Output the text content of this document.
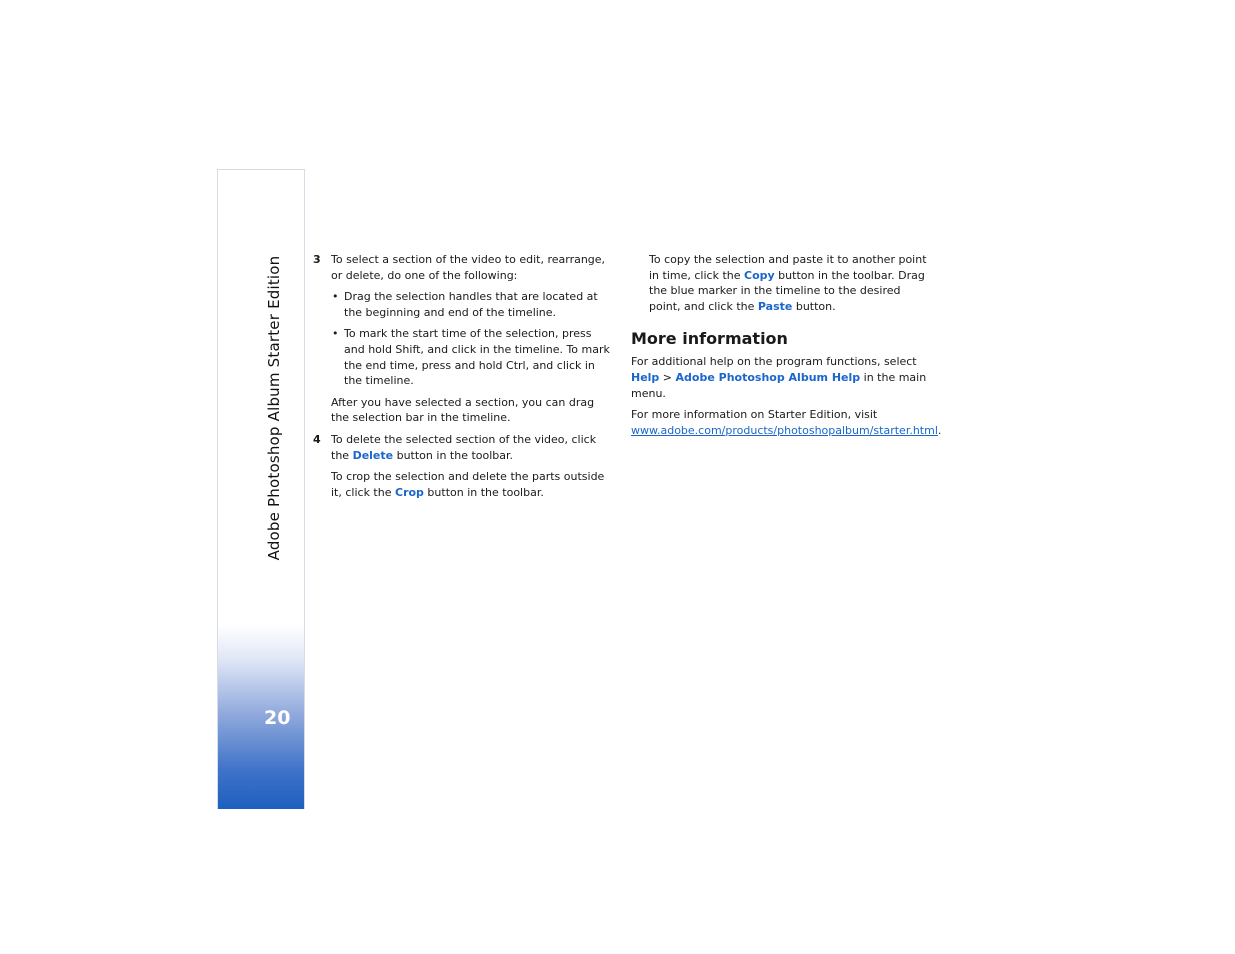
Adobe Photoshop Album Starter Edition
20

3 To select a section of the video to edit, rearrange, or delete, do one of the following:

• Drag the selection handles that are located at the beginning and end of the timeline.

• To mark the start time of the selection, press and hold Shift, and click in the timeline. To mark the end time, press and hold Ctrl, and click in the timeline.

After you have selected a section, you can drag the selection bar in the timeline.

4 To delete the selected section of the video, click the Delete button in the toolbar.

To crop the selection and delete the parts outside it, click the Crop button in the toolbar.

To copy the selection and paste it to another point in time, click the Copy button in the toolbar. Drag the blue marker in the timeline to the desired point, and click the Paste button.

More information

For additional help on the program functions, select Help > Adobe Photoshop Album Help in the main menu.

For more information on Starter Edition, visit www.adobe.com/products/photoshopalbum/starter.html.
